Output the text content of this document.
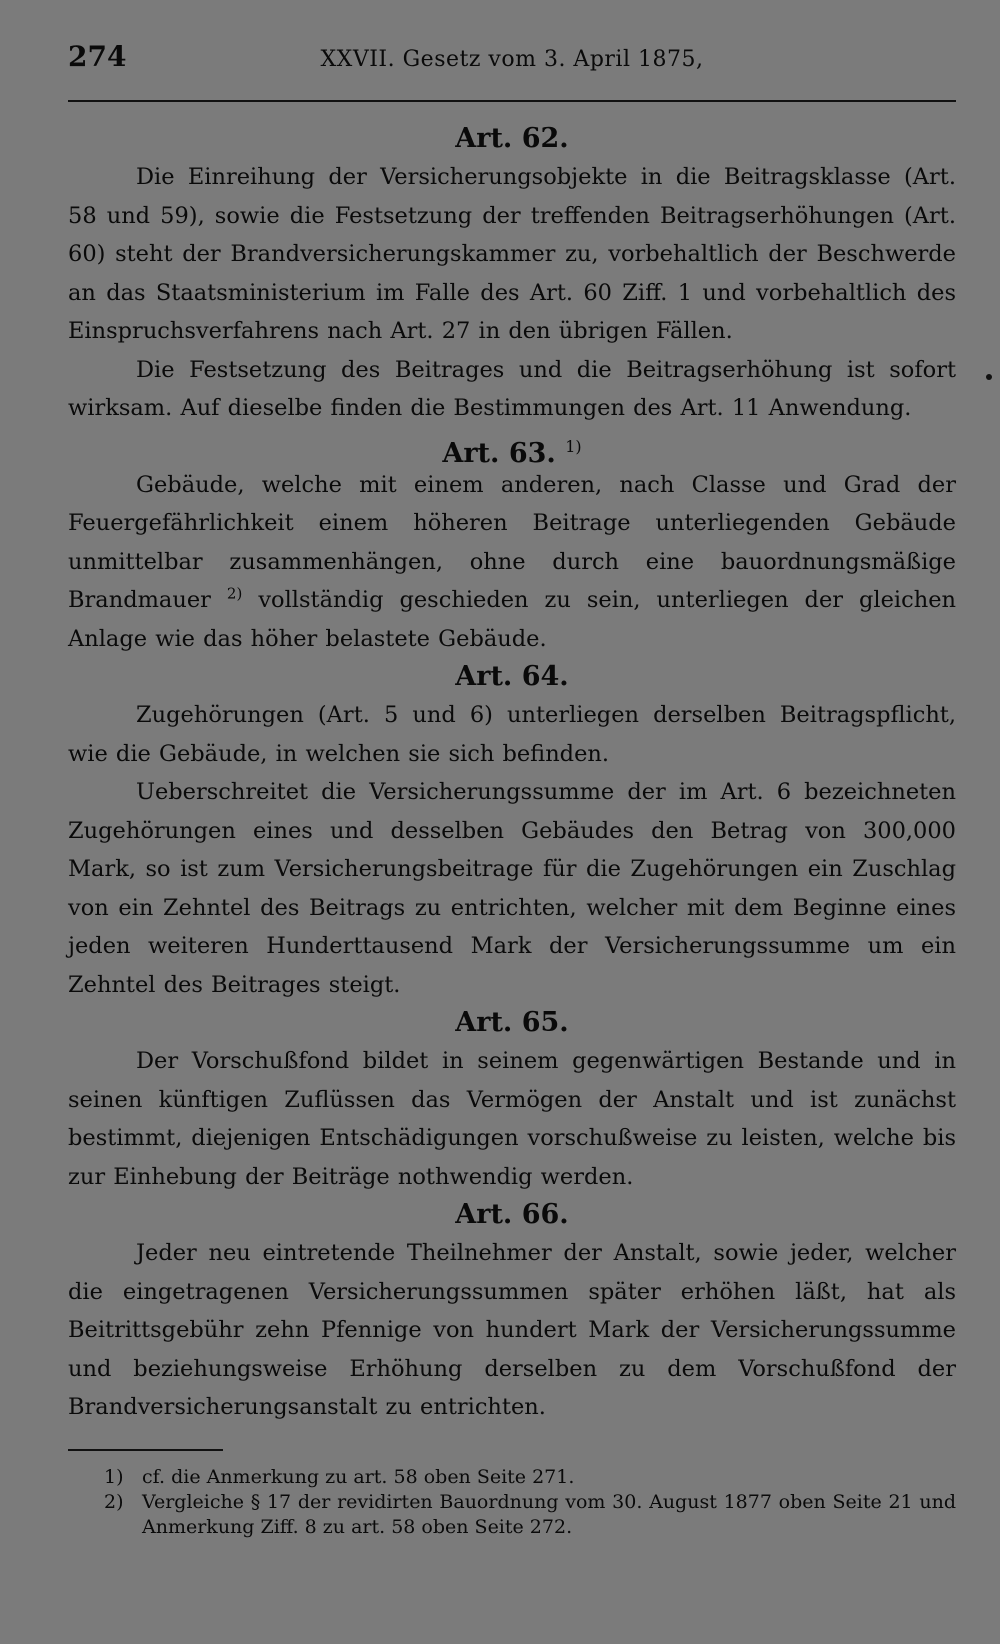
274	XXVII. Gesetz vom 3. April 1875,
Art. 62.

Die Einreihung der Versicherungsobjekte in die Beitragsklasse (Art. 58 und 59), sowie die Festsetzung der treffenden Beitragserhöhungen (Art. 60) steht der Brandversicherungskammer zu, vorbehaltlich der Beschwerde an das Staatsministerium im Falle des Art. 60 Ziff. 1 und vorbehaltlich des Einspruchsverfahrens nach Art. 27 in den übrigen Fällen.

Die Festsetzung des Beitrages und die Beitragserhöhung ist sofort wirksam. Auf dieselbe finden die Bestimmungen des Art. 11 Anwendung.

Art. 63. $^{1)}$

Gebäude, welche mit einem anderen, nach Classe und Grad der Feuergefährlichkeit einem höheren Beitrage unterliegenden Gebäude unmittelbar zusammenhängen, ohne durch eine bauordnungsmäßige Brandmauer $^{2)}$ vollständig geschieden zu sein, unterliegen der gleichen Anlage wie das höher belastete Gebäude.

Art. 64.

Zugehörungen (Art. 5 und 6) unterliegen derselben Beitragspflicht, wie die Gebäude, in welchen sie sich befinden.

Ueberschreitet die Versicherungssumme der im Art. 6 bezeichneten Zugehörungen eines und desselben Gebäudes den Betrag von 300,000 Mark, so ist zum Versicherungsbeitrage für die Zugehörungen ein Zuschlag von ein Zehntel des Beitrags zu entrichten, welcher mit dem Beginne eines jeden weiteren Hunderttausend Mark der Versicherungssumme um ein Zehntel des Beitrages steigt.

Art. 65.

Der Vorschußfond bildet in seinem gegenwärtigen Bestande und in seinen künftigen Zuflüssen das Vermögen der Anstalt und ist zunächst bestimmt, diejenigen Entschädigungen vorschußweise zu leisten, welche bis zur Einhebung der Beiträge nothwendig werden.

Art. 66.

Jeder neu eintretende Theilnehmer der Anstalt, sowie jeder, welcher die eingetragenen Versicherungssummen später erhöhen läßt, hat als Beitrittsgebühr zehn Pfennige von hundert Mark der Versicherungssumme und beziehungsweise Erhöhung derselben zu dem Vorschußfond der Brandversicherungsanstalt zu entrichten.

1) cf. die Anmerkung zu art. 58 oben Seite 271.
2) Vergleiche § 17 der revidirten Bauordnung vom 30. August 1877 oben Seite 21 und Anmerkung Ziff. 8 zu art. 58 oben Seite 272.
